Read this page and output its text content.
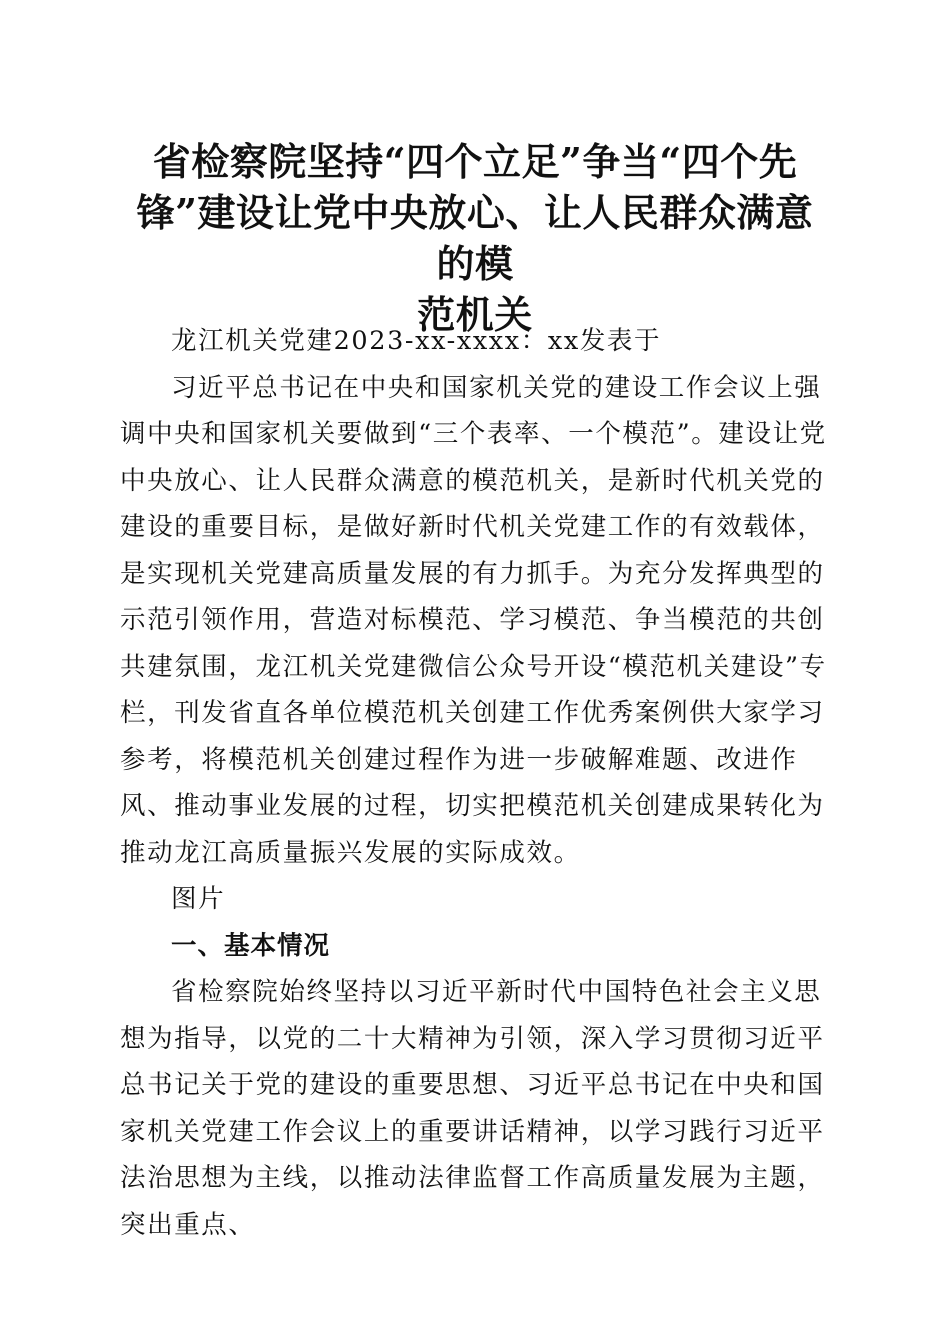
省检察院坚持“四个立足”争当“四个先
锋”建设让党中央放心、让人民群众满意的模
范机关

龙江机关党建2023-xx-xxxx：xx发表于

习近平总书记在中央和国家机关党的建设工作会议上强调中央和国家机关要做到“三个表率、一个模范”。建设让党中央放心、让人民群众满意的模范机关，是新时代机关党的建设的重要目标，是做好新时代机关党建工作的有效载体，是实现机关党建高质量发展的有力抓手。为充分发挥典型的示范引领作用，营造对标模范、学习模范、争当模范的共创共建氛围，龙江机关党建微信公众号开设“模范机关建设”专栏，刊发省直各单位模范机关创建工作优秀案例供大家学习参考，将模范机关创建过程作为进一步破解难题、改进作风、推动事业发展的过程，切实把模范机关创建成果转化为推动龙江高质量振兴发展的实际成效。

图片

一、基本情况

省检察院始终坚持以习近平新时代中国特色社会主义思想为指导，以党的二十大精神为引领，深入学习贯彻习近平总书记关于党的建设的重要思想、习近平总书记在中央和国家机关党建工作会议上的重要讲话精神，以学习践行习近平法治思想为主线，以推动法律监督工作高质量发展为主题，突出重点、
